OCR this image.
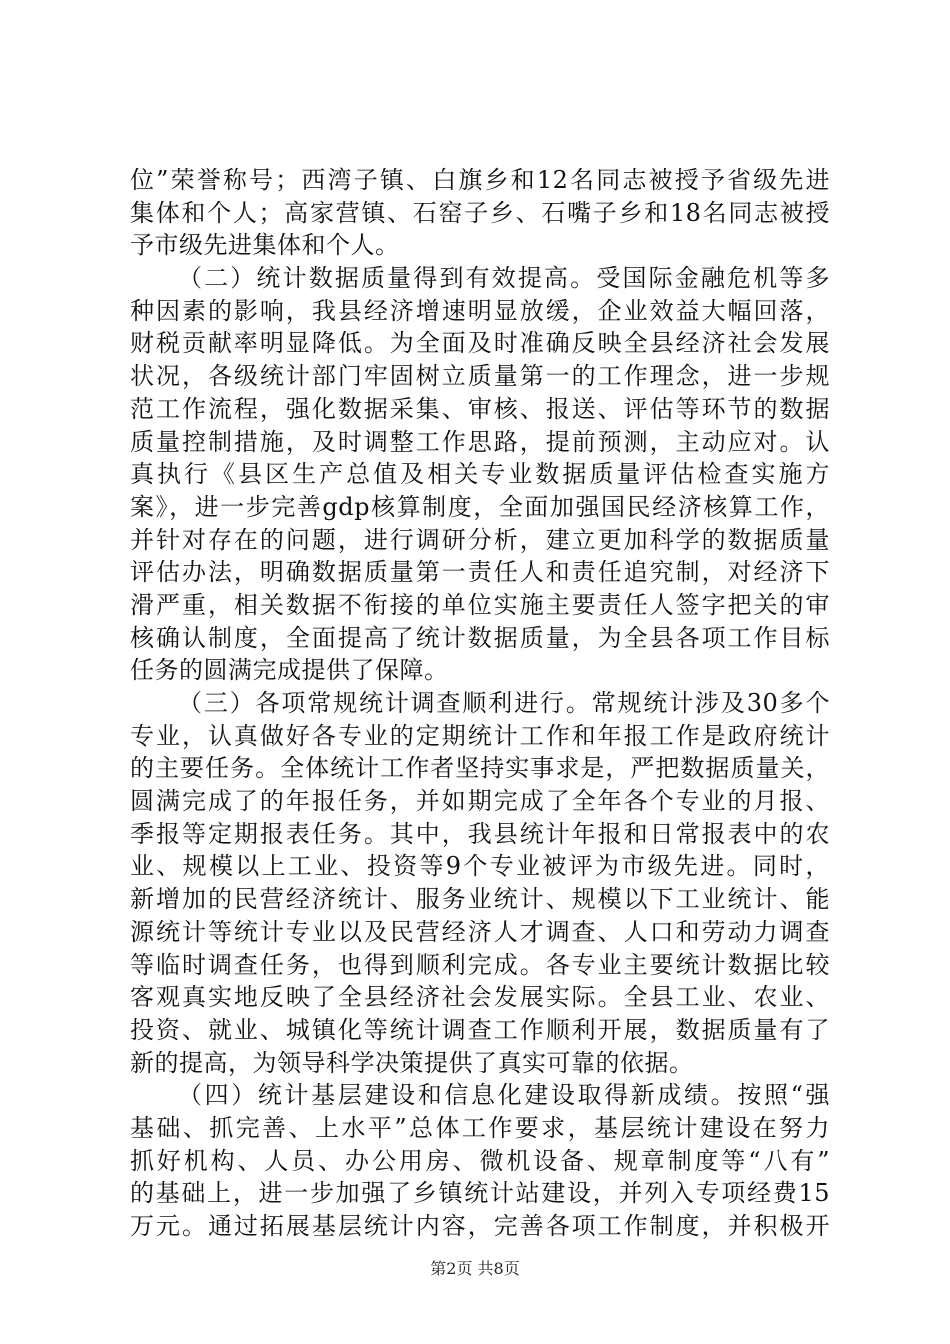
位”荣誉称号；西湾子镇、白旗乡和12名同志被授予省级先进
集体和个人；高家营镇、石窑子乡、石嘴子乡和18名同志被授
予市级先进集体和个人。
（二）统计数据质量得到有效提高。受国际金融危机等多
种因素的影响，我县经济增速明显放缓，企业效益大幅回落，
财税贡献率明显降低。为全面及时准确反映全县经济社会发展
状况，各级统计部门牢固树立质量第一的工作理念，进一步规
范工作流程，强化数据采集、审核、报送、评估等环节的数据
质量控制措施，及时调整工作思路，提前预测，主动应对。认
真执行《县区生产总值及相关专业数据质量评估检查实施方
案》，进一步完善gdp核算制度，全面加强国民经济核算工作，
并针对存在的问题，进行调研分析，建立更加科学的数据质量
评估办法，明确数据质量第一责任人和责任追究制，对经济下
滑严重，相关数据不衔接的单位实施主要责任人签字把关的审
核确认制度，全面提高了统计数据质量，为全县各项工作目标
任务的圆满完成提供了保障。
（三）各项常规统计调查顺利进行。常规统计涉及30多个
专业，认真做好各专业的定期统计工作和年报工作是政府统计
的主要任务。全体统计工作者坚持实事求是，严把数据质量关，
圆满完成了的年报任务，并如期完成了全年各个专业的月报、
季报等定期报表任务。其中，我县统计年报和日常报表中的农
业、规模以上工业、投资等9个专业被评为市级先进。同时，
新增加的民营经济统计、服务业统计、规模以下工业统计、能
源统计等统计专业以及民营经济人才调查、人口和劳动力调查
等临时调查任务，也得到顺利完成。各专业主要统计数据比较
客观真实地反映了全县经济社会发展实际。全县工业、农业、
投资、就业、城镇化等统计调查工作顺利开展，数据质量有了
新的提高，为领导科学决策提供了真实可靠的依据。
（四）统计基层建设和信息化建设取得新成绩。按照“强
基础、抓完善、上水平”总体工作要求，基层统计建设在努力
抓好机构、人员、办公用房、微机设备、规章制度等“八有”
的基础上，进一步加强了乡镇统计站建设，并列入专项经费15
万元。通过拓展基层统计内容，完善各项工作制度，并积极开
第2页 共8页
